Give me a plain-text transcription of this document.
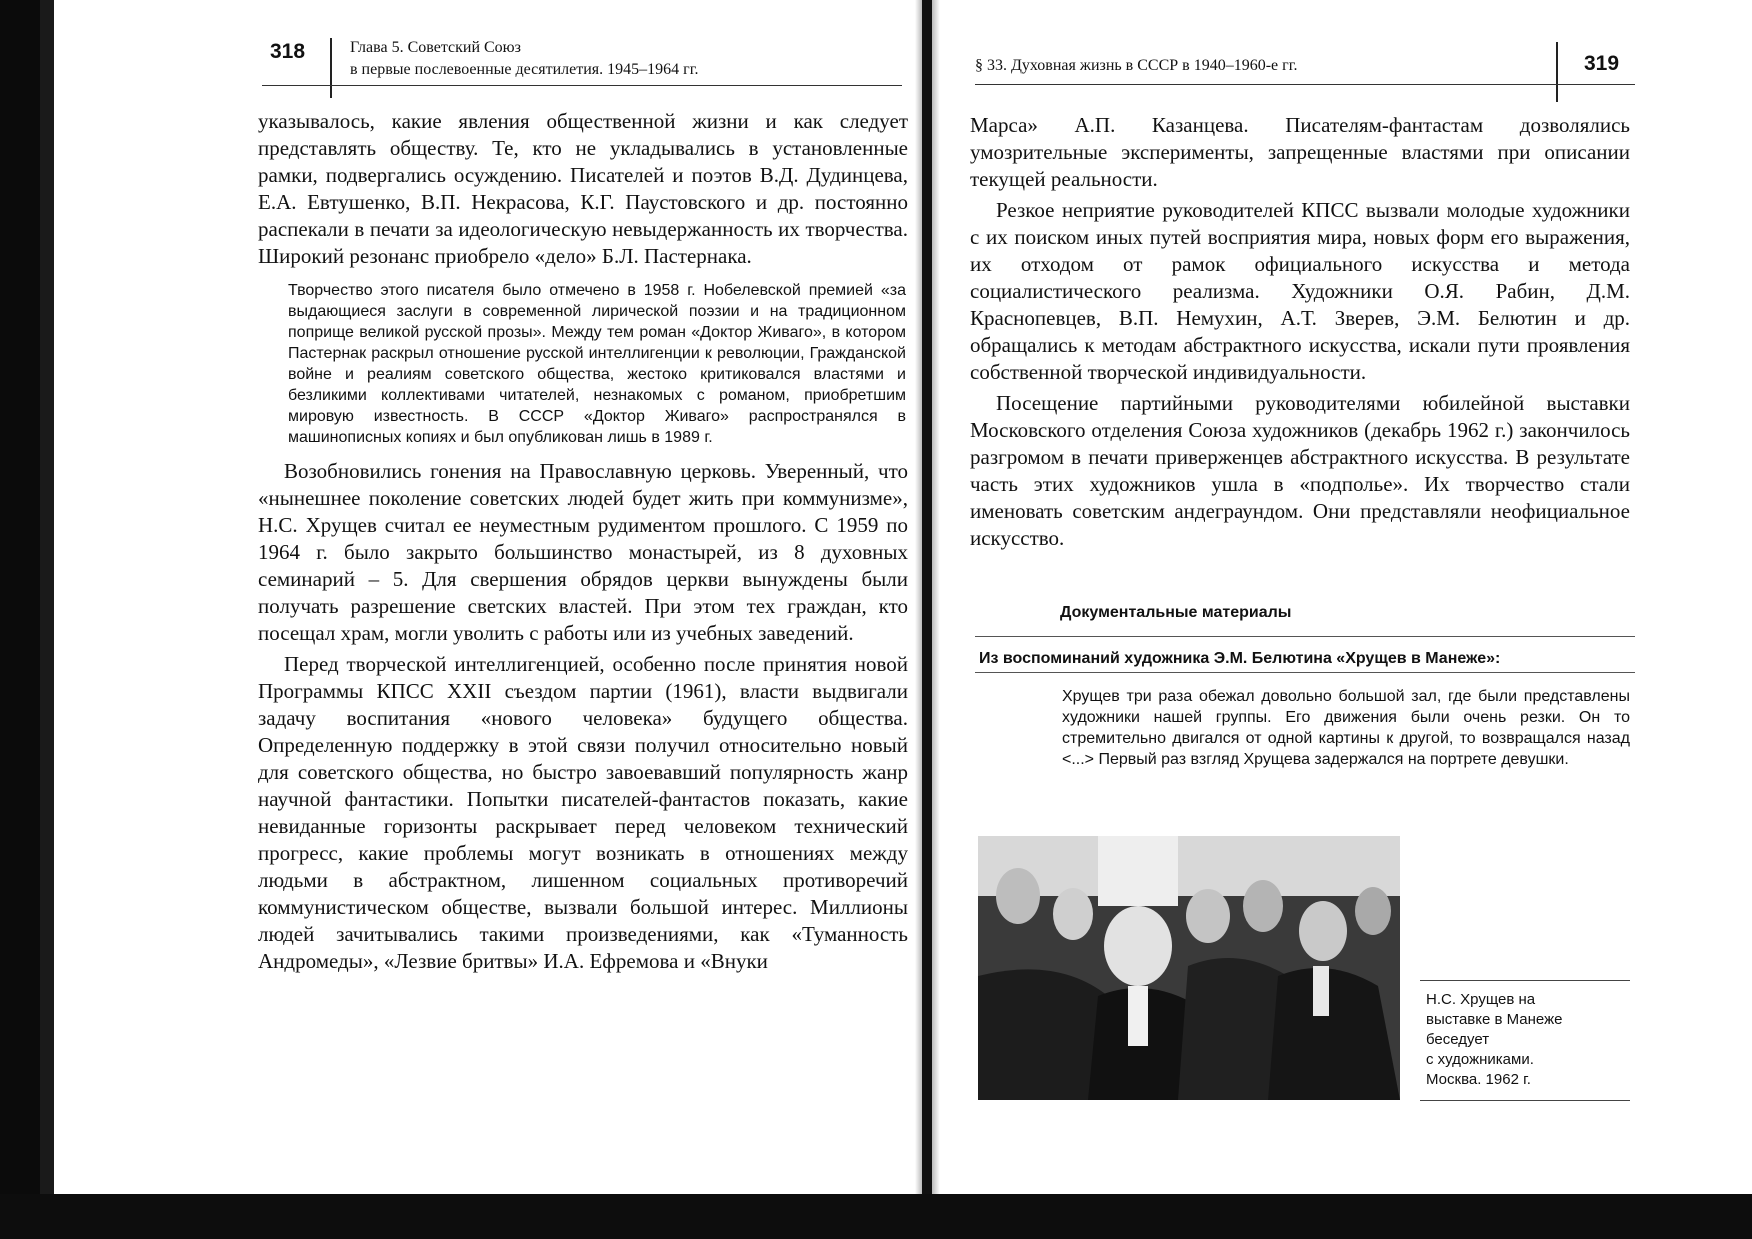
318	Глава 5. Советский Союз
в первые послевоенные десятилетия. 1945–1964 гг.

указывалось, какие явления общественной жизни и как следует представлять обществу. Те, кто не укладывались в установленные рамки, подвергались осуждению. Писателей и поэтов В.Д. Дудинцева, Е.А. Евтушенко, В.П. Некрасова, К.Г. Паустовского и др. постоянно распекали в печати за идеологическую невыдержанность их творчества. Широкий резонанс приобрело «дело» Б.Л. Пастернака.

Творчество этого писателя было отмечено в 1958 г. Нобелевской премией «за выдающиеся заслуги в современной лирической поэзии и на традиционном поприще великой русской прозы». Между тем роман «Доктор Живаго», в котором Пастернак раскрыл отношение русской интеллигенции к революции, Гражданской войне и реалиям советского общества, жестоко критиковался властями и безликими коллективами читателей, незнакомых с романом, приобретшим мировую известность. В СССР «Доктор Живаго» распространялся в машинописных копиях и был опубликован лишь в 1989 г.

Возобновились гонения на Православную церковь. Уверенный, что «нынешнее поколение советских людей будет жить при коммунизме», Н.С. Хрущев считал ее неуместным рудиментом прошлого. С 1959 по 1964 г. было закрыто большинство монастырей, из 8 духовных семинарий – 5. Для свершения обрядов церкви вынуждены были получать разрешение светских властей. При этом тех граждан, кто посещал храм, могли уволить с работы или из учебных заведений.

Перед творческой интеллигенцией, особенно после принятия новой Программы КПСС XXII съездом партии (1961), власти выдвигали задачу воспитания «нового человека» будущего общества. Определенную поддержку в этой связи получил относительно новый для советского общества, но быстро завоевавший популярность жанр научной фантастики. Попытки писателей-фантастов показать, какие невиданные горизонты раскрывает перед человеком технический прогресс, какие проблемы могут возникать в отношениях между людьми в абстрактном, лишенном социальных противоречий коммунистическом обществе, вызвали большой интерес. Миллионы людей зачитывались такими произведениями, как «Туманность Андромеды», «Лезвие бритвы» И.А. Ефремова и «Внуки

§ 33. Духовная жизнь в СССР в 1940–1960-е гг.	319

Марса» А.П. Казанцева. Писателям-фантастам дозволялись умозрительные эксперименты, запрещенные властями при описании текущей реальности.

Резкое неприятие руководителей КПСС вызвали молодые художники с их поиском иных путей восприятия мира, новых форм его выражения, их отходом от рамок официального искусства и метода социалистического реализма. Художники О.Я. Рабин, Д.М. Краснопевцев, В.П. Немухин, А.Т. Зверев, Э.М. Белютин и др. обращались к методам абстрактного искусства, искали пути проявления собственной творческой индивидуальности.

Посещение партийными руководителями юбилейной выставки Московского отделения Союза художников (декабрь 1962 г.) закончилось разгромом в печати приверженцев абстрактного искусства. В результате часть этих художников ушла в «подполье». Их творчество стали именовать советским андеграундом. Они представляли неофициальное искусство.

Документальные материалы
Из воспоминаний художника Э.М. Белютина «Хрущев в Манеже»:

Хрущев три раза обежал довольно большой зал, где были представлены художники нашей группы. Его движения были очень резки. Он то стремительно двигался от одной картины к другой, то возвращался назад <...> Первый раз взгляд Хрущева задержался на портрете девушки.

Н.С. Хрущев на
выставке в Манеже
беседует
с художниками.
Москва. 1962 г.
